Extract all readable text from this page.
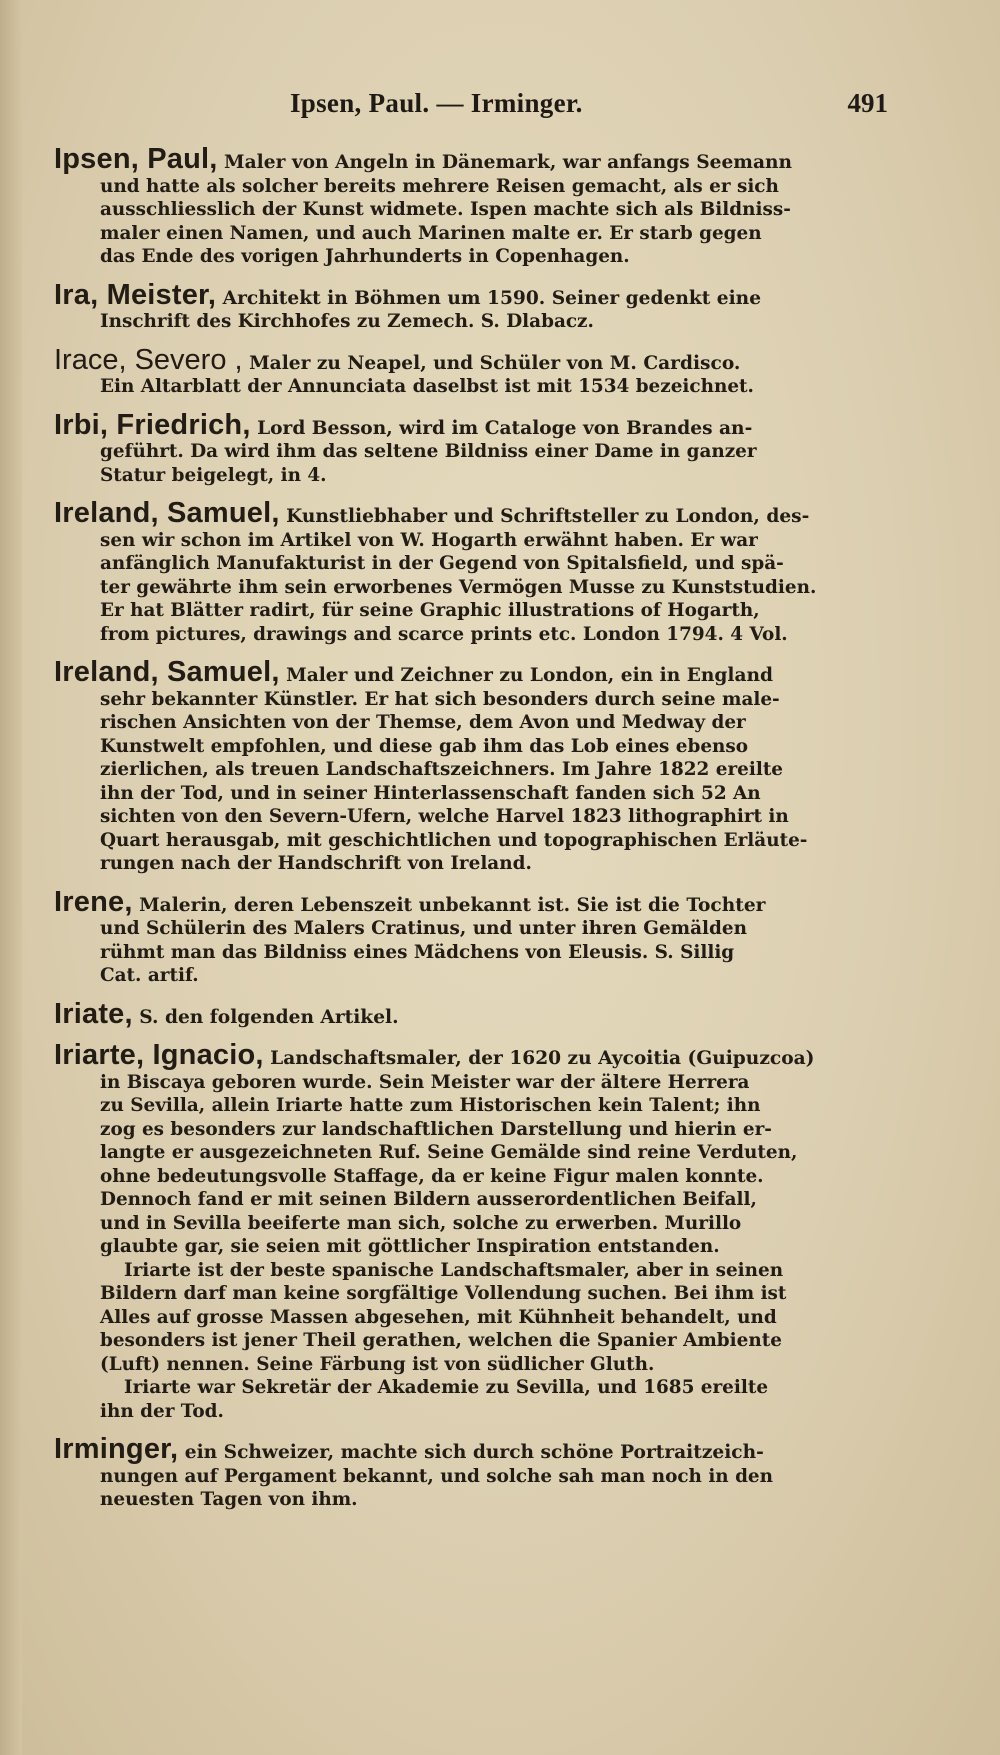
Ipsen, Paul. — Irminger.	491
Ipsen, Paul, Maler von Angeln in Dänemark, war anfangs Seemann
und hatte als solcher bereits mehrere Reisen gemacht, als er sich
ausschliesslich der Kunst widmete. Ispen machte sich als Bildniss-
maler einen Namen, und auch Marinen malte er. Er starb gegen
das Ende des vorigen Jahrhunderts in Copenhagen.
Ira, Meister, Architekt in Böhmen um 1590. Seiner gedenkt eine
Inschrift des Kirchhofes zu Zemech. S. Dlabacz.
Irace, Severo , Maler zu Neapel, und Schüler von M. Cardisco.
Ein Altarblatt der Annunciata daselbst ist mit 1534 bezeichnet.
Irbi, Friedrich, Lord Besson, wird im Cataloge von Brandes an-
geführt. Da wird ihm das seltene Bildniss einer Dame in ganzer
Statur beigelegt, in 4.
Ireland, Samuel, Kunstliebhaber und Schriftsteller zu London, des-
sen wir schon im Artikel von W. Hogarth erwähnt haben. Er war
anfänglich Manufakturist in der Gegend von Spitalsfield, und spä-
ter gewährte ihm sein erworbenes Vermögen Musse zu Kunststudien.
Er hat Blätter radirt, für seine Graphic illustrations of Hogarth,
from pictures, drawings and scarce prints etc. London 1794. 4 Vol.
Ireland, Samuel, Maler und Zeichner zu London, ein in England
sehr bekannter Künstler. Er hat sich besonders durch seine male-
rischen Ansichten von der Themse, dem Avon und Medway der
Kunstwelt empfohlen, und diese gab ihm das Lob eines ebenso
zierlichen, als treuen Landschaftszeichners. Im Jahre 1822 ereilte
ihn der Tod, und in seiner Hinterlassenschaft fanden sich 52 An
sichten von den Severn-Ufern, welche Harvel 1823 lithographirt in
Quart herausgab, mit geschichtlichen und topographischen Erläute-
rungen nach der Handschrift von Ireland.
Irene, Malerin, deren Lebenszeit unbekannt ist. Sie ist die Tochter
und Schülerin des Malers Cratinus, und unter ihren Gemälden
rühmt man das Bildniss eines Mädchens von Eleusis. S. Sillig
Cat. artif.
Iriate, S. den folgenden Artikel.
Iriarte, Ignacio, Landschaftsmaler, der 1620 zu Aycoitia (Guipuzcoa)
in Biscaya geboren wurde. Sein Meister war der ältere Herrera
zu Sevilla, allein Iriarte hatte zum Historischen kein Talent; ihn
zog es besonders zur landschaftlichen Darstellung und hierin er-
langte er ausgezeichneten Ruf. Seine Gemälde sind reine Verduten,
ohne bedeutungsvolle Staffage, da er keine Figur malen konnte.
Dennoch fand er mit seinen Bildern ausserordentlichen Beifall,
und in Sevilla beeiferte man sich, solche zu erwerben. Murillo
glaubte gar, sie seien mit göttlicher Inspiration entstanden.
Iriarte ist der beste spanische Landschaftsmaler, aber in seinen
Bildern darf man keine sorgfältige Vollendung suchen. Bei ihm ist
Alles auf grosse Massen abgesehen, mit Kühnheit behandelt, und
besonders ist jener Theil gerathen, welchen die Spanier Ambiente
(Luft) nennen. Seine Färbung ist von südlicher Gluth.
Iriarte war Sekretär der Akademie zu Sevilla, und 1685 ereilte
ihn der Tod.
Irminger, ein Schweizer, machte sich durch schöne Portraitzeich-
nungen auf Pergament bekannt, und solche sah man noch in den
neuesten Tagen von ihm.
